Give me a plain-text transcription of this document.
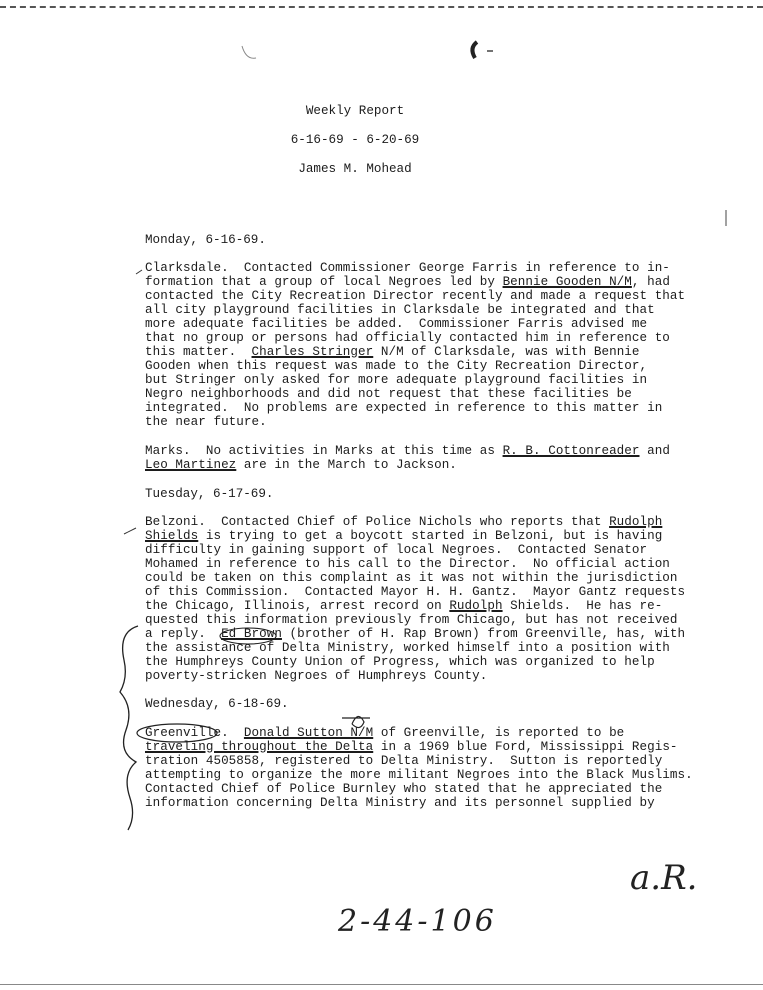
Weekly Report
6-16-69 - 6-20-69
James M. Mohead
Monday, 6-16-69.
Clarksdale.  Contacted Commissioner George Farris in reference to in-
formation that a group of local Negroes led by Bennie Gooden N/M, had
contacted the City Recreation Director recently and made a request that
all city playground facilities in Clarksdale be integrated and that
more adequate facilities be added.  Commissioner Farris advised me
that no group or persons had officially contacted him in reference to
this matter.  Charles Stringer N/M of Clarksdale, was with Bennie
Gooden when this request was made to the City Recreation Director,
but Stringer only asked for more adequate playground facilities in
Negro neighborhoods and did not request that these facilities be
integrated.  No problems are expected in reference to this matter in
the near future.
Marks.  No activities in Marks at this time as R. B. Cottonreader and
Leo Martinez are in the March to Jackson.
Tuesday, 6-17-69.
Belzoni.  Contacted Chief of Police Nichols who reports that Rudolph
Shields is trying to get a boycott started in Belzoni, but is having
difficulty in gaining support of local Negroes.  Contacted Senator
Mohamed in reference to his call to the Director.  No official action
could be taken on this complaint as it was not within the jurisdiction
of this Commission.  Contacted Mayor H. H. Gantz.  Mayor Gantz requests
the Chicago, Illinois, arrest record on Rudolph Shields.  He has re-
quested this information previously from Chicago, but has not received
a reply.  Ed Brown (brother of H. Rap Brown) from Greenville, has, with
the assistance of Delta Ministry, worked himself into a position with
the Humphreys County Union of Progress, which was organized to help
poverty-stricken Negroes of Humphreys County.
Wednesday, 6-18-69.
Greenville.  Donald Sutton N/M of Greenville, is reported to be
traveling throughout the Delta in a 1969 blue Ford, Mississippi Regis-
tration 4505858, registered to Delta Ministry.  Sutton is reportedly
attempting to organize the more militant Negroes into the Black Muslims.
Contacted Chief of Police Burnley who stated that he appreciated the
information concerning Delta Ministry and its personnel supplied by
a.R.
2-44-106
